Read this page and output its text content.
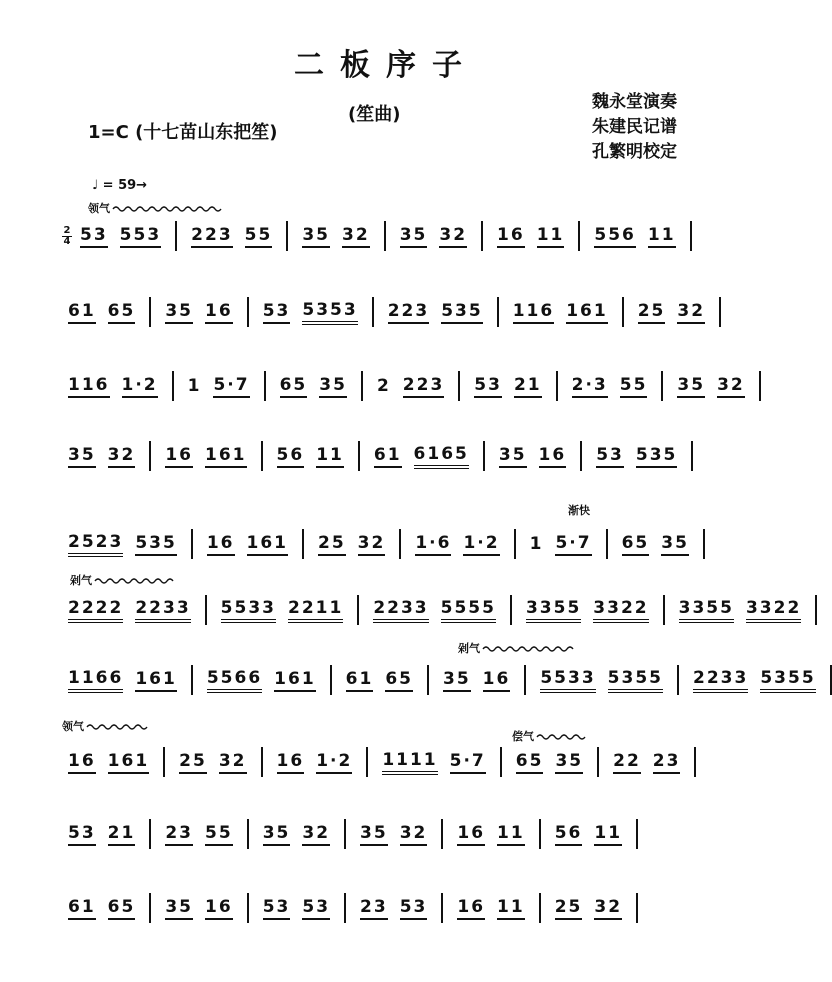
二板序子
1=C (十七苗山东把笙)
(笙曲)
魏永堂演奏
朱建民记谱
孔繁明校定
♩ = 59→
领气
渐快
剁气
剁气
领气
偿气
2
4 53 553 223 55 35 32 35 32 16 11 556 11
61 65 35 16 53 5353 223 535 116 161 25 32
116 1·2 1 5·7 65 35 2 223 53 21 2·3 55 35 32
35 32 16 161 56 11 61 6165 35 16 53 535
2523 535 16 161 25 32 1·6 1·2 1 5·7 65 35
2222 2233 5533 2211 2233 5555 3355 3322 3355 3322
1166 161 5566 161 61 65 35 16 5533 5355 2233 5355
16 161 25 32 16 1·2 1111 5·7 65 35 22 23
53 21 23 55 35 32 35 32 16 11 56 11
61 65 35 16 53 53 23 53 16 11 25 32
